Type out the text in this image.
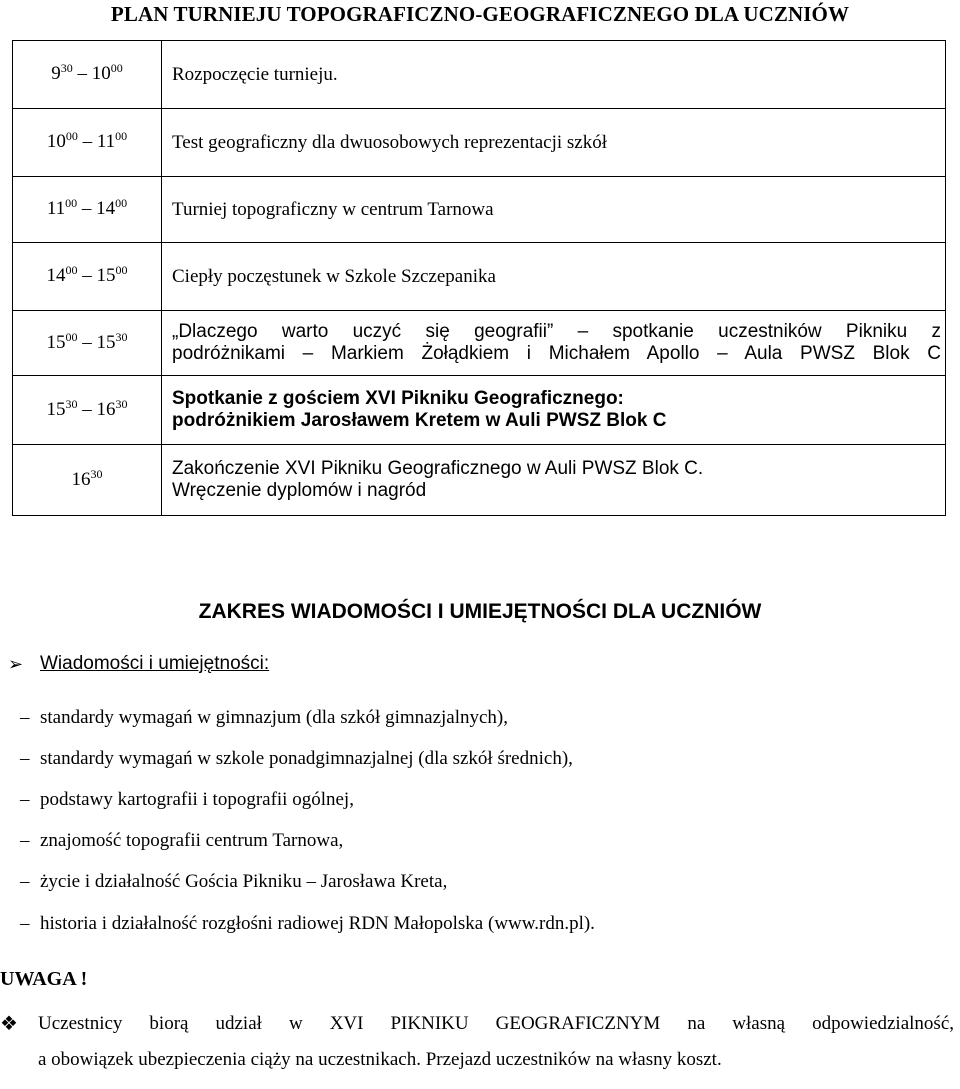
PLAN TURNIEJU TOPOGRAFICZNO-GEOGRAFICZNEGO DLA UCZNIÓW
$9^{30} - 10^{00}$	Rozpoczęcie turnieju.
$10^{00} - 11^{00}$	Test geograficzny dla dwuosobowych reprezentacji szkół
$11^{00} - 14^{00}$	Turniej topograficzny w centrum Tarnowa
$14^{00} - 15^{00}$	Ciepły poczęstunek w Szkole Szczepanika
$15^{00} - 15^{30}$	„Dlaczego warto uczyć się geografii” – spotkanie uczestników Pikniku z
podróżnikami – Markiem Żołądkiem i Michałem Apollo – Aula PWSZ Blok C

$15^{30} - 16^{30}$	Spotkanie z gościem XVI Pikniku Geograficznego:
podróżnikiem Jarosławem Kretem w Auli PWSZ Blok C

$16^{30}$	Zakończenie XVI Pikniku Geograficznego w Auli PWSZ Blok C.
Wręczenie dyplomów i nagród
ZAKRES WIADOMOŚCI I UMIEJĘTNOŚCI DLA UCZNIÓW
➢ Wiadomości i umiejętności:
– standardy wymagań w gimnazjum (dla szkół gimnazjalnych),
– standardy wymagań w szkole ponadgimnazjalnej (dla szkół średnich),
– podstawy kartografii i topografii ogólnej,
– znajomość topografii centrum Tarnowa,
– życie i działalność Gościa Pikniku – Jarosława Kreta,
– historia i działalność rozgłośni radiowej RDN Małopolska (www.rdn.pl).
UWAGA !
❖	Uczestnicy biorą udział w XVI PIKNIKU GEOGRAFICZNYM na własną odpowiedzialność,
a obowiązek ubezpieczenia ciąży na uczestnikach. Przejazd uczestników na własny koszt.
